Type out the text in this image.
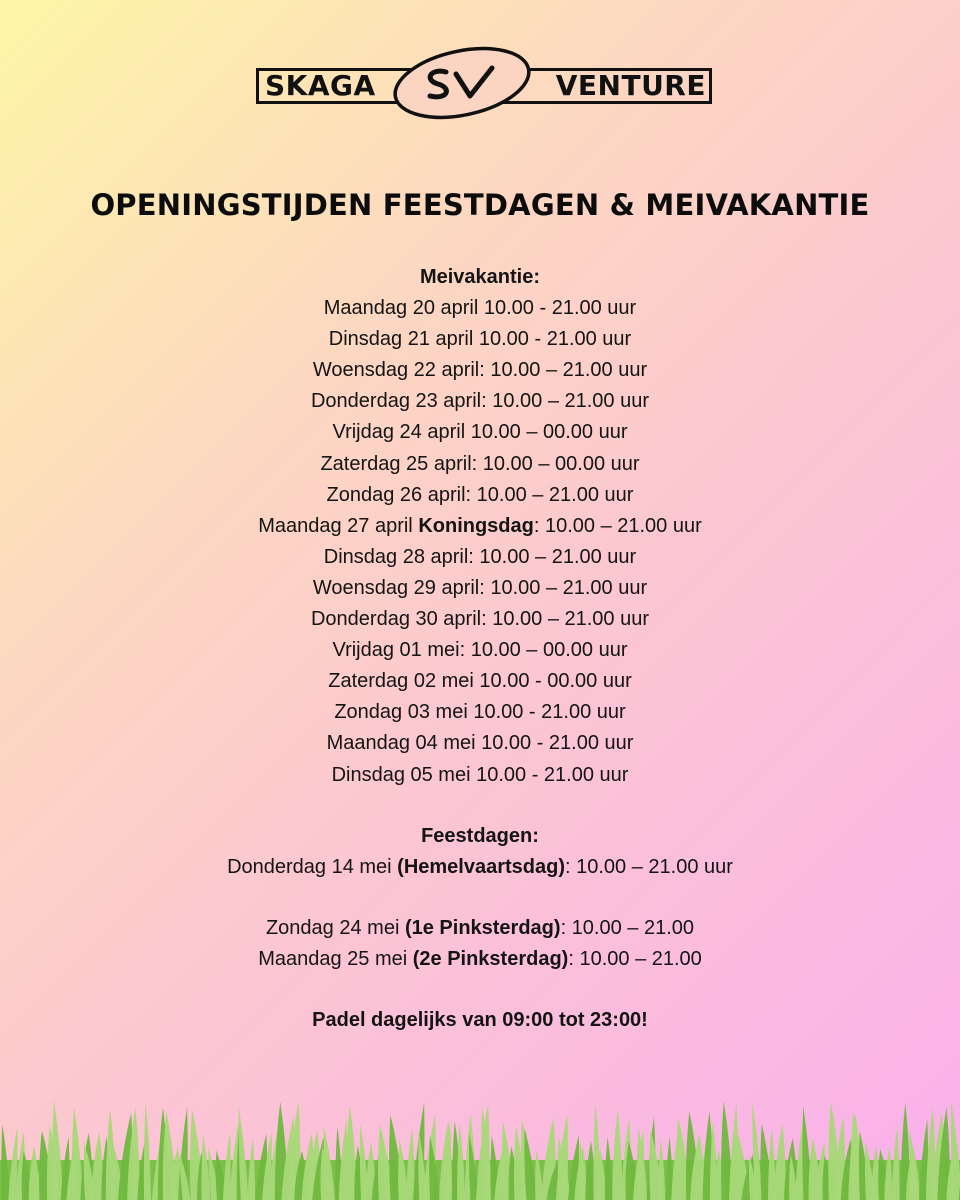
SKAGA	VENTURE
OPENINGSTIJDEN FEESTDAGEN & MEIVAKANTIE
Meivakantie:
Maandag 20 april 10.00 - 21.00 uur
Dinsdag 21 april 10.00 - 21.00 uur
Woensdag 22 april: 10.00 – 21.00 uur
Donderdag 23 april: 10.00 – 21.00 uur
Vrijdag 24 april 10.00 – 00.00 uur
Zaterdag 25 april: 10.00 – 00.00 uur
Zondag 26 april: 10.00 – 21.00 uur
Maandag 27 april Koningsdag: 10.00 – 21.00 uur
Dinsdag 28 april: 10.00 – 21.00 uur
Woensdag 29 april: 10.00 – 21.00 uur
Donderdag 30 april: 10.00 – 21.00 uur
Vrijdag 01 mei: 10.00 – 00.00 uur
Zaterdag 02 mei 10.00 - 00.00 uur
Zondag 03 mei 10.00 - 21.00 uur
Maandag 04 mei 10.00 - 21.00 uur
Dinsdag 05 mei 10.00 - 21.00 uur
Feestdagen:
Donderdag 14 mei (Hemelvaartsdag): 10.00 – 21.00 uur
Zondag 24 mei (1e Pinksterdag): 10.00 – 21.00
Maandag 25 mei (2e Pinksterdag): 10.00 – 21.00
Padel dagelijks van 09:00 tot 23:00!
